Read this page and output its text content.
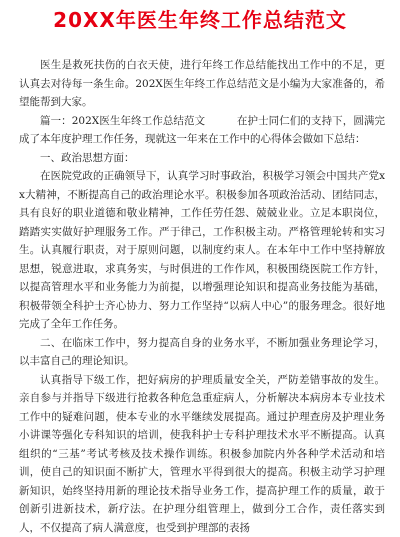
20XX年医生年终工作总结范文

医生是救死扶伤的白衣天使，进行年终工作总结能找出工作中的不足，更认真去对待每一条生命。202X医生年终工作总结范文是小编为大家准备的，希望能帮到大家。

篇一：202X医生年终工作总结范文　　　在护士同仁们的支持下，圆满完成了本年度护理工作任务，现就这一年来在工作中的心得体会做如下总结：

一、政治思想方面：

在医院党政的正确领导下，认真学习时事政治，积极学习领会中国共产党xx大精神，不断提高自己的政治理论水平。积极参加各项政治活动、团结同志，具有良好的职业道德和敬业精神，工作任劳任怨、兢兢业业。立足本职岗位，踏踏实实做好护理服务工作。严于律己，工作积极主动。严格管理轮转和实习生。认真履行职责，对于原则问题，以制度约束人。在本年中工作中坚持解放思想，锐意进取，求真务实，与时俱进的工作作风，积极围绕医院工作方针，以提高管理水平和业务能力为前提，以增强理论知识和提高业务技能为基础，积极带领全科护士齐心协力、努力工作坚持“以病人中心”的服务理念。很好地完成了全年工作任务。

二、在临床工作中，努力提高自身的业务水平，不断加强业务理论学习，以丰富自己的理论知识。

认真指导下级工作，把好病房的护理质量安全关，严防差错事故的发生。亲自参与并指导下级进行抢救各种危急重症病人，分析解决本病房本专业技术工作中的疑难问题，使本专业的水平继续发展提高。通过护理查房及护理业务小讲课等强化专科知识的培训，使我科护士专科护理技术水平不断提高。认真组织的“三基”考试考核及技术操作训练。积极参加院内外各种学术活动和培训，使自己的知识面不断扩大，管理水平得到很大的提高。积极主动学习护理新知识，始终坚持用新的理论技术指导业务工作，提高护理工作的质量，敢于创新引进新技术，新疗法。在护理分组管理上，做到分工合作，责任落实到人，不仅提高了病人满意度，也受到护理部的表扬
